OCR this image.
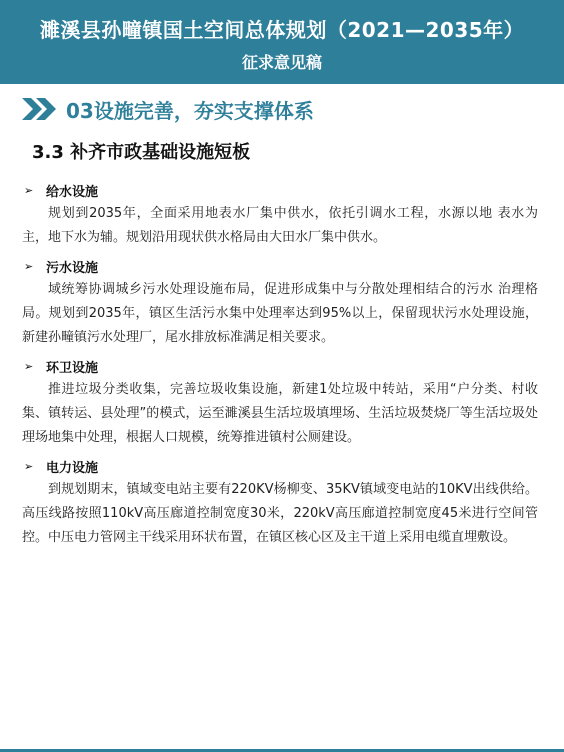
濉溪县孙疃镇国土空间总体规划（2021—2035年）
征求意见稿
03设施完善，夯实支撑体系
3.3 补齐市政基础设施短板
➢ 给水设施

规划到2035年，全面采用地表水厂集中供水，依托引调水工程，水源以地 表水为主，地下水为辅。规划沿用现状供水格局由大田水厂集中供水。

➢ 污水设施

域统筹协调城乡污水处理设施布局，促进形成集中与分散处理相结合的污水 治理格局。规划到2035年，镇区生活污水集中处理率达到95%以上，保留现状污水处理设施，新建孙疃镇污水处理厂，尾水排放标准满足相关要求。

➢ 环卫设施

推进垃圾分类收集，完善垃圾收集设施，新建1处垃圾中转站，采用“户分类、村收集、镇转运、县处理”的模式，运至濉溪县生活垃圾填埋场、生活垃圾焚烧厂等生活垃圾处理场地集中处理，根据人口规模，统筹推进镇村公厕建设。

➢ 电力设施

到规划期末，镇域变电站主要有220KV杨柳变、35KV镇域变电站的10KV出线供给。高压线路按照110kV高压廊道控制宽度30米，220kV高压廊道控制宽度45米进行空间管控。中压电力管网主干线采用环状布置，在镇区核心区及主干道上采用电缆直埋敷设。
